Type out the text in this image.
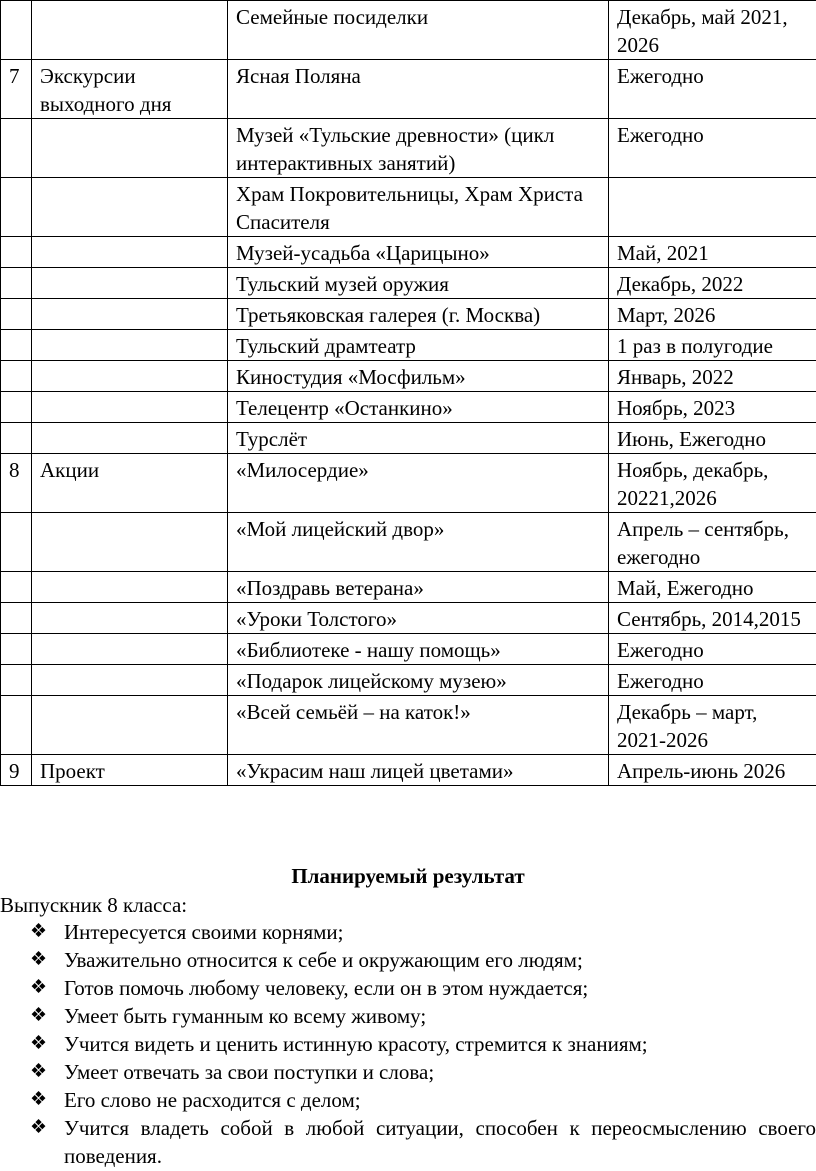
		Семейные посиделки	Декабрь, май 2021, 2026
7	Экскурсии выходного дня	Ясная Поляна	Ежегодно
		Музей «Тульские древности» (цикл интерактивных занятий)	Ежегодно
		Храм Покровительницы, Храм Христа Спасителя	
		Музей-усадьба «Царицыно»	Май, 2021
		Тульский музей оружия	Декабрь, 2022
		Третьяковская галерея (г. Москва)	Март, 2026
		Тульский драмтеатр	1 раз в полугодие
		Киностудия «Мосфильм»	Январь, 2022
		Телецентр «Останкино»	Ноябрь, 2023
		Турслёт	Июнь, Ежегодно
8	Акции	«Милосердие»	Ноябрь, декабрь, 20221,2026
		«Мой лицейский двор»	Апрель – сентябрь, ежегодно
		«Поздравь ветерана»	Май, Ежегодно
		«Уроки Толстого»	Сентябрь, 2014,2015
		«Библиотеке - нашу помощь»	Ежегодно
		«Подарок лицейскому музею»	Ежегодно
		«Всей семьёй – на каток!»	Декабрь – март, 2021-2026
9	Проект	«Украсим наш лицей цветами»	Апрель-июнь 2026
Планируемый результат
Выпускник 8 класса:
❖ Интересуется своими корнями;
❖ Уважительно относится к себе и окружающим его людям;
❖ Готов помочь любому человеку, если он в этом нуждается;
❖ Умеет быть гуманным ко всему живому;
❖ Учится видеть и ценить истинную красоту, стремится к знаниям;
❖ Умеет отвечать за свои поступки и слова;
❖ Его слово не расходится с делом;
❖ Учится владеть собой в любой ситуации, способен к переосмыслению своего поведения.
